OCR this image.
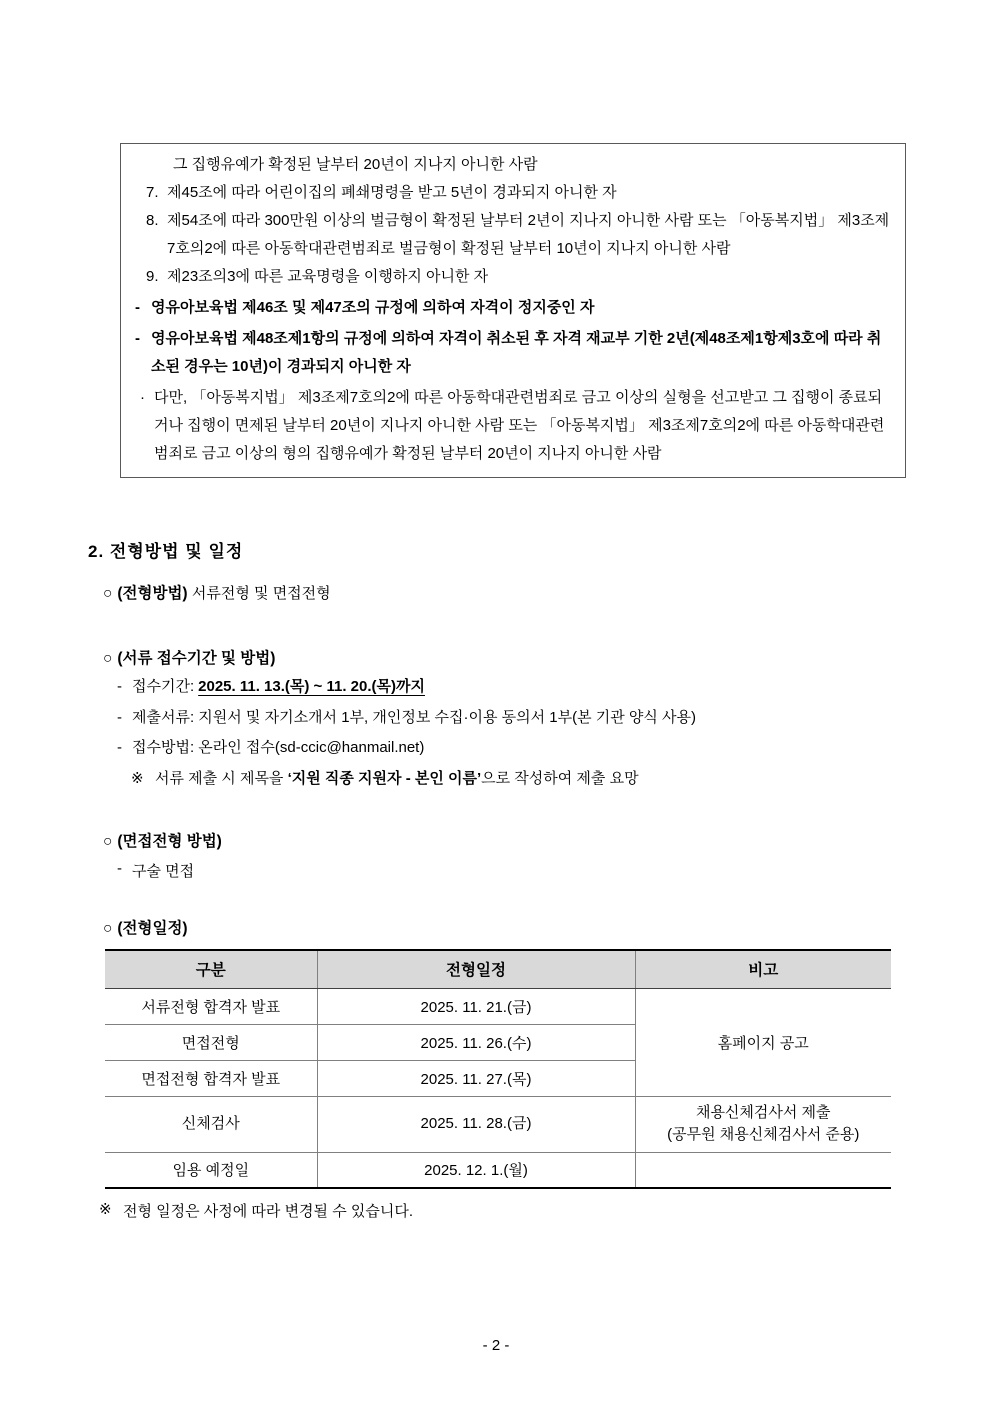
그 집행유예가 확정된 날부터 20년이 지나지 아니한 사람
7. 제45조에 따라 어린이집의 폐쇄명령을 받고 5년이 경과되지 아니한 자
8. 제54조에 따라 300만원 이상의 벌금형이 확정된 날부터 2년이 지나지 아니한 사람 또는 「아동복지법」 제3조제7호의2에 따른 아동학대관련범죄로 벌금형이 확정된 날부터 10년이 지나지 아니한 사람
9. 제23조의3에 따른 교육명령을 이행하지 아니한 자
- 영유아보육법 제46조 및 제47조의 규정에 의하여 자격이 정지중인 자
- 영유아보육법 제48조제1항의 규정에 의하여 자격이 취소된 후 자격 재교부 기한 2년(제48조제1항제3호에 따라 취소된 경우는 10년)이 경과되지 아니한 자
· 다만, 「아동복지법」 제3조제7호의2에 따른 아동학대관련범죄로 금고 이상의 실형을 선고받고 그 집행이 종료되거나 집행이 면제된 날부터 20년이 지나지 아니한 사람 또는 「아동복지법」 제3조제7호의2에 따른 아동학대관련범죄로 금고 이상의 형의 집행유예가 확정된 날부터 20년이 지나지 아니한 사람
2. 전형방법 및 일정
○ (전형방법) 서류전형 및 면접전형
○ (서류 접수기간 및 방법)
- 접수기간: 2025. 11. 13.(목) ~ 11. 20.(목)까지
- 제출서류: 지원서 및 자기소개서 1부, 개인정보 수집·이용 동의서 1부(본 기관 양식 사용)
- 접수방법: 온라인 접수(sd-ccic@hanmail.net)
※ 서류 제출 시 제목을 ‘지원 직종 지원자 - 본인 이름’으로 작성하여 제출 요망
○ (면접전형 방법)
- 구술 면접
○ (전형일정)
구분	전형일정	비고
서류전형 합격자 발표	2025. 11. 21.(금)	홈페이지 공고
면접전형	2025. 11. 26.(수)	
면접전형 합격자 발표	2025. 11. 27.(목)	
신체검사	2025. 11. 28.(금)	채용신체검사서 제출
(공무원 채용신체검사서 준용)

임용 예정일	2025. 12. 1.(월)	
※ 전형 일정은 사정에 따라 변경될 수 있습니다.
- 2 -
